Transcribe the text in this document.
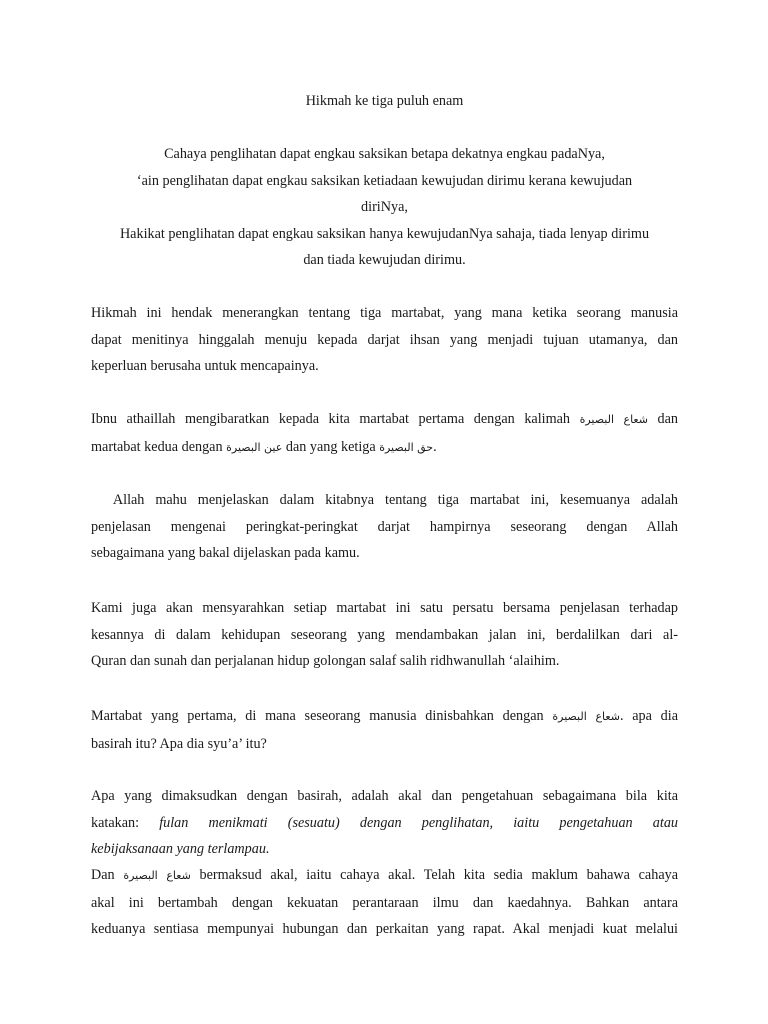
Hikmah ke tiga puluh enam

Cahaya penglihatan dapat engkau saksikan betapa dekatnya engkau padaNya,

‘ain penglihatan dapat engkau saksikan ketiadaan kewujudan dirimu kerana kewujudan

diriNya,

Hakikat penglihatan dapat engkau saksikan hanya kewujudanNya sahaja, tiada lenyap dirimu

dan tiada kewujudan dirimu.

Hikmah ini hendak menerangkan tentang tiga martabat, yang mana ketika seorang manusia
dapat menitinya hinggalah menuju kepada darjat ihsan yang menjadi tujuan utamanya, dan
keperluan berusaha untuk mencapainya.
Ibnu athaillah mengibaratkan kepada kita martabat pertama dengan kalimah شعاع البصيرة dan
martabat kedua dengan عين البصيرة dan yang ketiga حق البصيرة.
Allah mahu menjelaskan dalam kitabnya tentang tiga martabat ini, kesemuanya adalah
penjelasan mengenai peringkat-peringkat darjat hampirnya seseorang dengan Allah
sebagaimana yang bakal dijelaskan pada kamu.
Kami juga akan mensyarahkan setiap martabat ini satu persatu bersama penjelasan terhadap
kesannya di dalam kehidupan seseorang yang mendambakan jalan ini, berdalilkan dari al-
Quran dan sunah dan perjalanan hidup golongan salaf salih ridhwanullah ‘alaihim.
Martabat yang pertama, di mana seseorang manusia dinisbahkan dengan شعاع البصيرة. apa dia
basirah itu? Apa dia syu’a’ itu?
Apa yang dimaksudkan dengan basirah, adalah akal dan pengetahuan sebagaimana bila kita
katakan: fulan menikmati (sesuatu) dengan penglihatan, iaitu pengetahuan atau
kebijaksanaan yang terlampau.
Dan شعاع البصيرة bermaksud akal, iaitu cahaya akal. Telah kita sedia maklum bahawa cahaya
akal ini bertambah dengan kekuatan perantaraan ilmu dan kaedahnya. Bahkan antara
keduanya sentiasa mempunyai hubungan dan perkaitan yang rapat. Akal menjadi kuat melalui
